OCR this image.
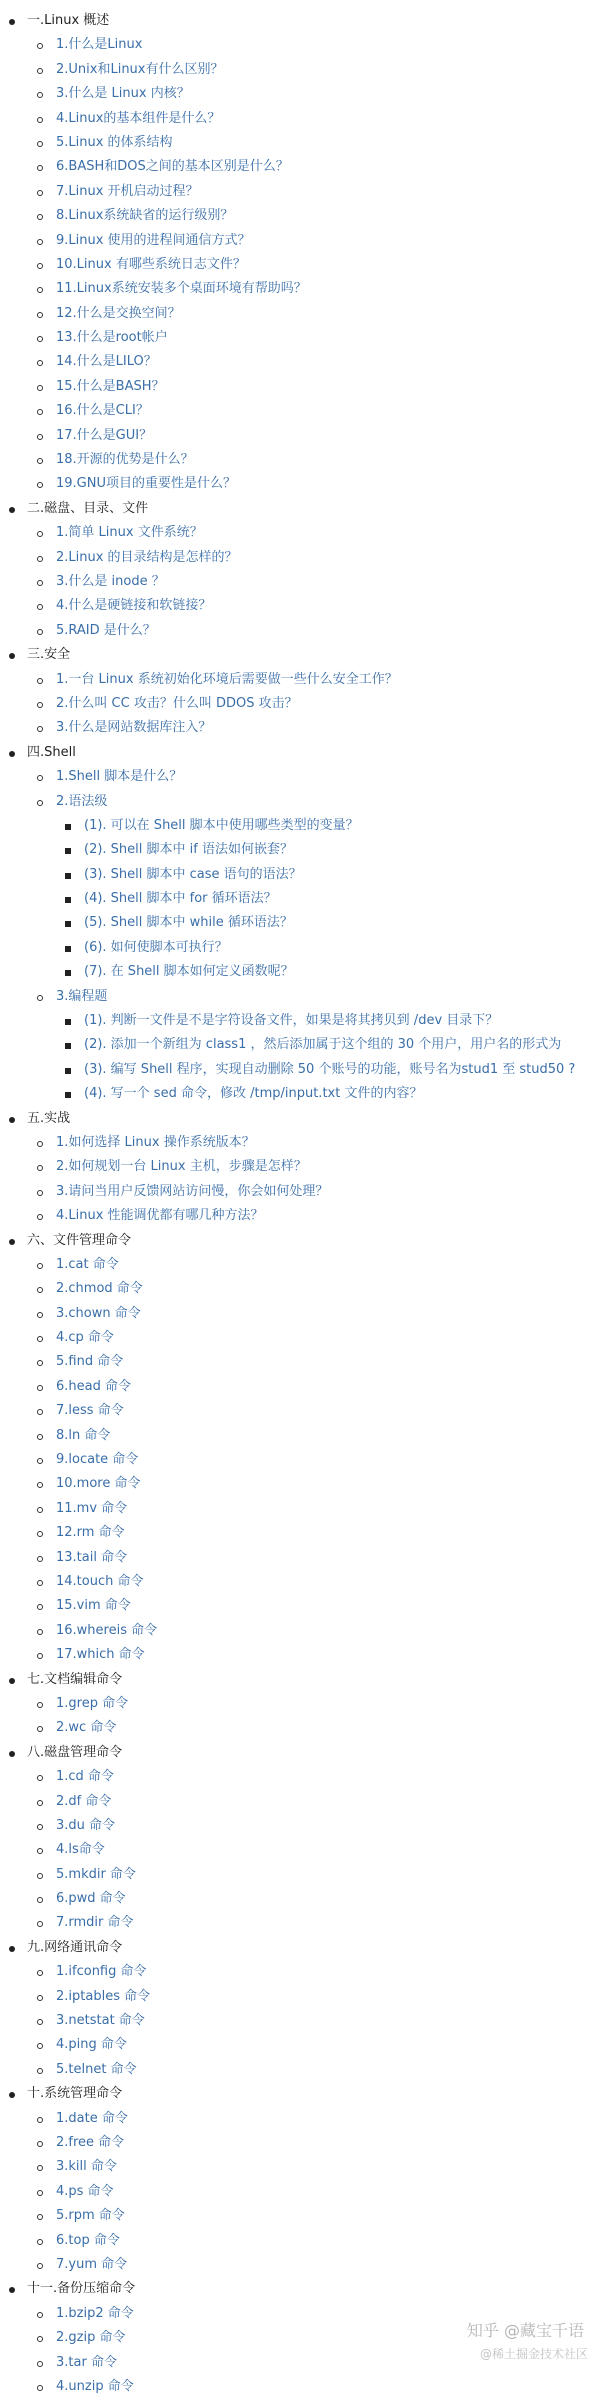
一.Linux 概述
1.什么是Linux
2.Unix和Linux有什么区别？
3.什么是 Linux 内核？
4.Linux的基本组件是什么？
5.Linux 的体系结构
6.BASH和DOS之间的基本区别是什么？
7.Linux 开机启动过程？
8.Linux系统缺省的运行级别？
9.Linux 使用的进程间通信方式？
10.Linux 有哪些系统日志文件？
11.Linux系统安装多个桌面环境有帮助吗？
12.什么是交换空间？
13.什么是root帐户
14.什么是LILO？
15.什么是BASH？
16.什么是CLI？
17.什么是GUI？
18.开源的优势是什么？
19.GNU项目的重要性是什么？
二.磁盘、目录、文件
1.简单 Linux 文件系统？
2.Linux 的目录结构是怎样的？
3.什么是 inode ？
4.什么是硬链接和软链接？
5.RAID 是什么？
三.安全
1.一台 Linux 系统初始化环境后需要做一些什么安全工作？
2.什么叫 CC 攻击？什么叫 DDOS 攻击？
3.什么是网站数据库注入？
四.Shell
1.Shell 脚本是什么？
2.语法级
(1). 可以在 Shell 脚本中使用哪些类型的变量？
(2). Shell 脚本中 if 语法如何嵌套？
(3). Shell 脚本中 case 语句的语法？
(4). Shell 脚本中 for 循环语法？
(5). Shell 脚本中 while 循环语法？
(6). 如何使脚本可执行？
(7). 在 Shell 脚本如何定义函数呢？
3.编程题
(1). 判断一文件是不是字符设备文件，如果是将其拷贝到 /dev 目录下？
(2). 添加一个新组为 class1 ，然后添加属于这个组的 30 个用户，用户名的形式为
(3). 编写 Shell 程序，实现自动删除 50 个账号的功能，账号名为stud1 至 stud50 ?
(4). 写一个 sed 命令，修改 /tmp/input.txt 文件的内容？
五.实战
1.如何选择 Linux 操作系统版本？
2.如何规划一台 Linux 主机，步骤是怎样？
3.请问当用户反馈网站访问慢，你会如何处理？
4.Linux 性能调优都有哪几种方法？
六、文件管理命令
1.cat 命令
2.chmod 命令
3.chown 命令
4.cp 命令
5.find 命令
6.head 命令
7.less 命令
8.ln 命令
9.locate 命令
10.more 命令
11.mv 命令
12.rm 命令
13.tail 命令
14.touch 命令
15.vim 命令
16.whereis 命令
17.which 命令
七.文档编辑命令
1.grep 命令
2.wc 命令
八.磁盘管理命令
1.cd 命令
2.df 命令
3.du 命令
4.ls命令
5.mkdir 命令
6.pwd 命令
7.rmdir 命令
九.网络通讯命令
1.ifconfig 命令
2.iptables 命令
3.netstat 命令
4.ping 命令
5.telnet 命令
十.系统管理命令
1.date 命令
2.free 命令
3.kill 命令
4.ps 命令
5.rpm 命令
6.top 命令
7.yum 命令
十一.备份压缩命令
1.bzip2 命令
2.gzip 命令
3.tar 命令
4.unzip 命令
知乎 @藏宝千语
@稀土掘金技术社区
